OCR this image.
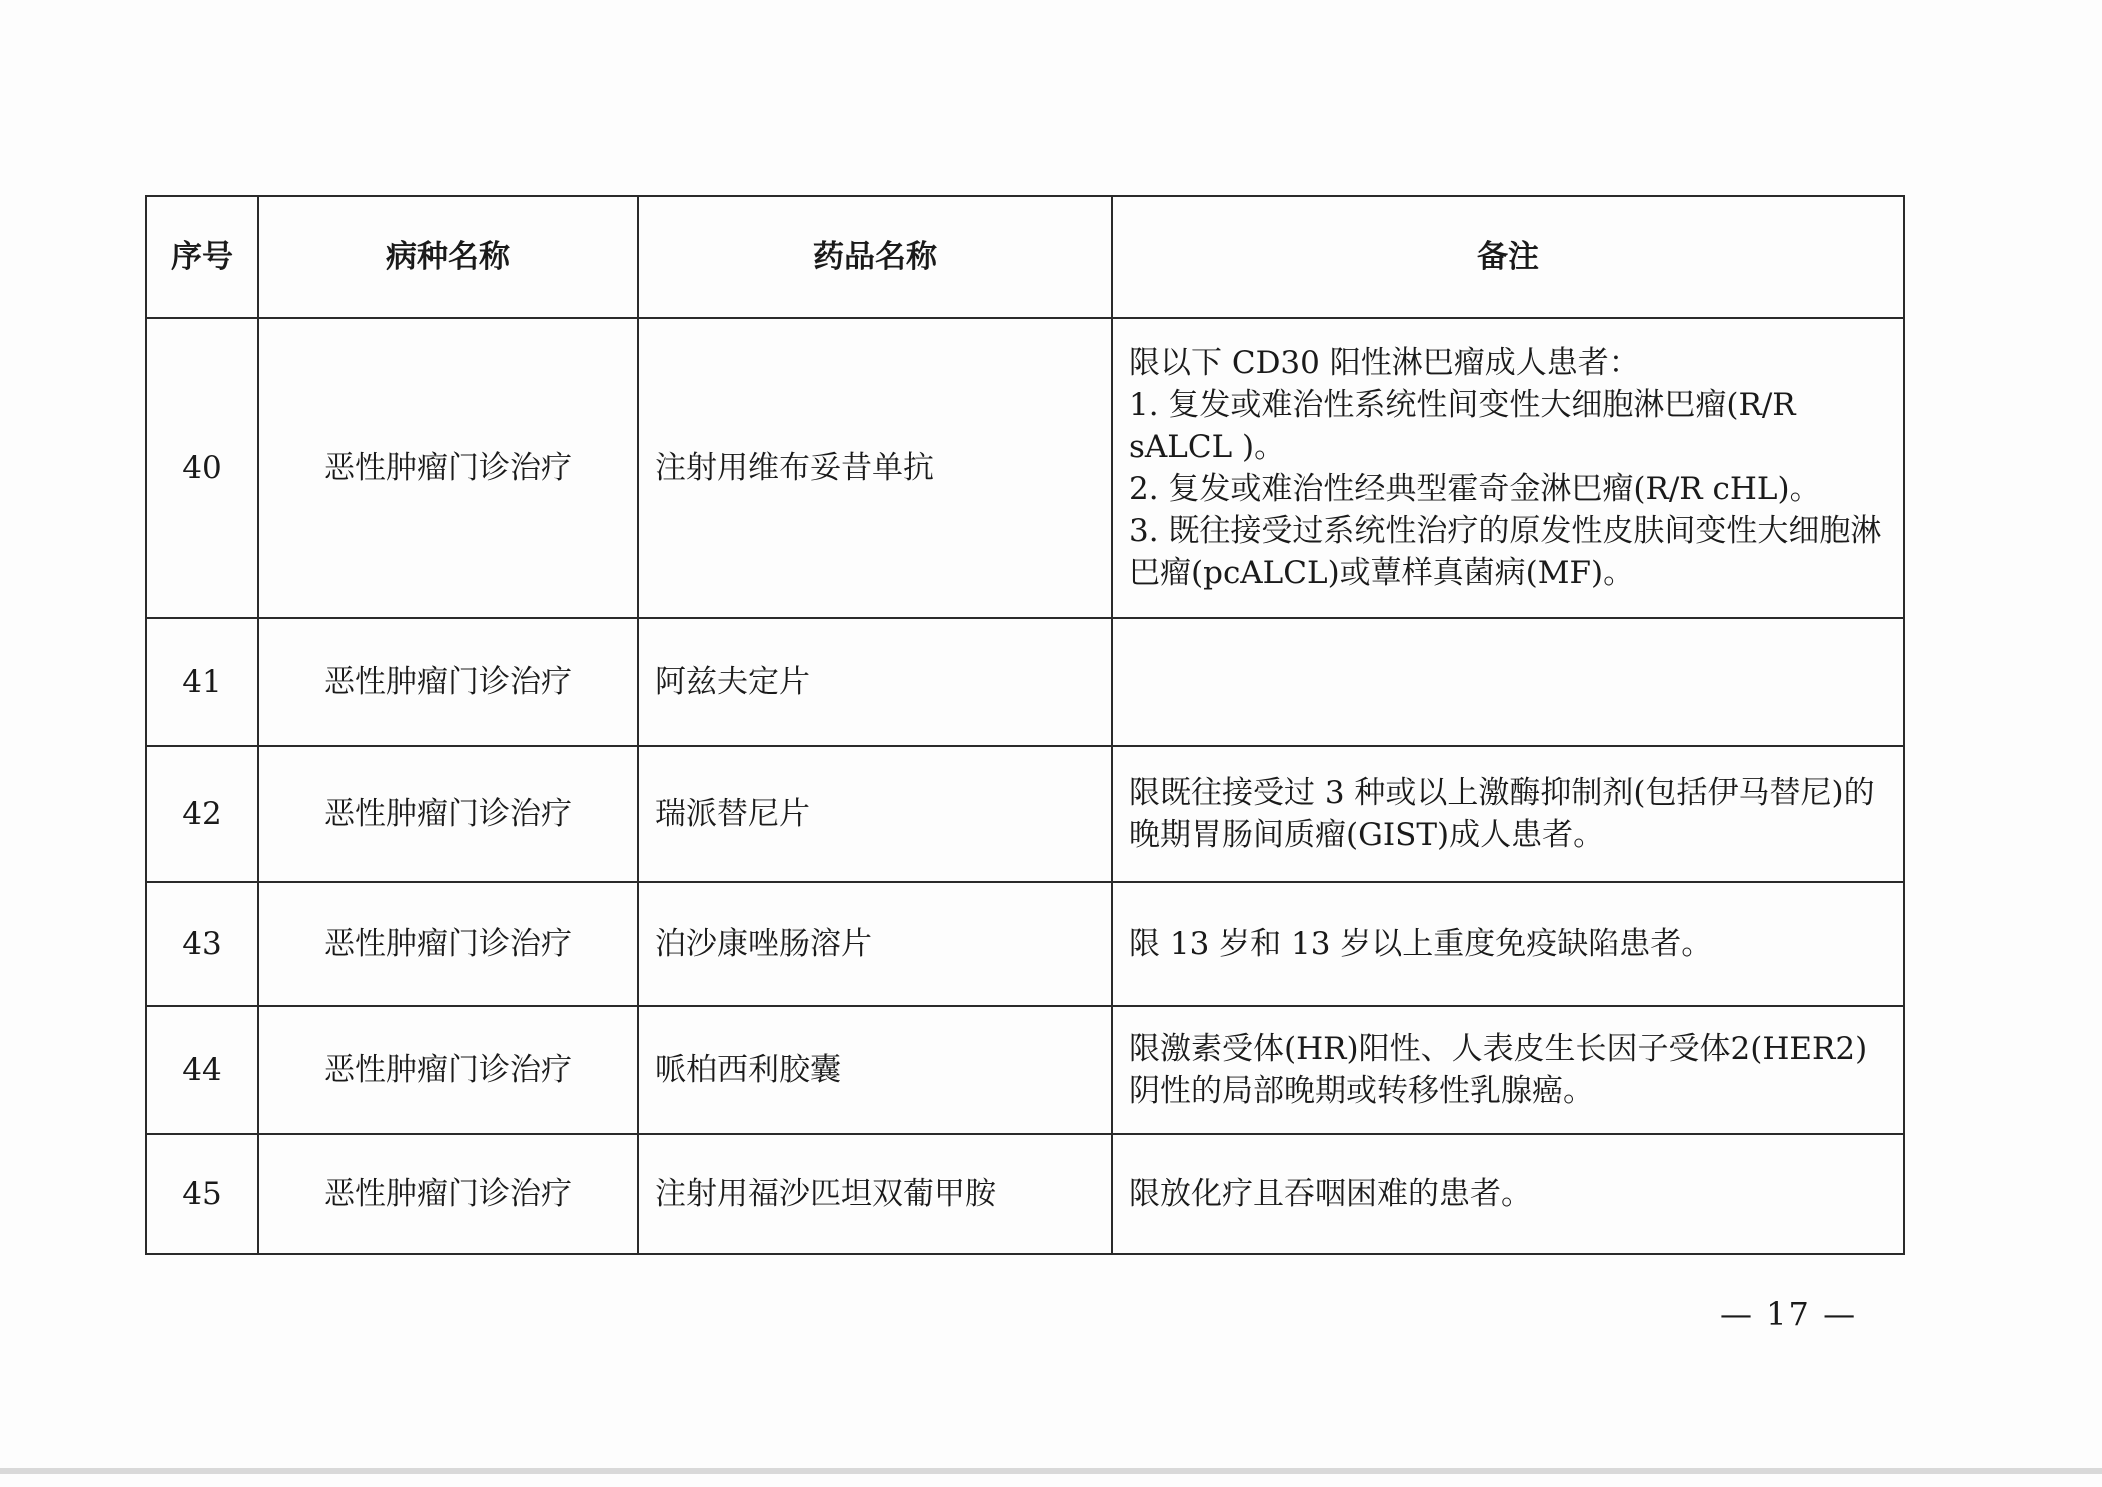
序号	病种名称	药品名称	备注
40	恶性肿瘤门诊治疗	注射用维布妥昔单抗	限以下 CD30 阳性淋巴瘤成人患者：
1. 复发或难治性系统性间变性大细胞淋巴瘤(R/R sALCL )。
2. 复发或难治性经典型霍奇金淋巴瘤(R/R cHL)。
3. 既往接受过系统性治疗的原发性皮肤间变性大细胞淋巴瘤(pcALCL)或蕈样真菌病(MF)。

41	恶性肿瘤门诊治疗	阿兹夫定片	
42	恶性肿瘤门诊治疗	瑞派替尼片	限既往接受过 3 种或以上激酶抑制剂(包括伊马替尼)的晚期胃肠间质瘤(GIST)成人患者。

43	恶性肿瘤门诊治疗	泊沙康唑肠溶片	限 13 岁和 13 岁以上重度免疫缺陷患者。

44	恶性肿瘤门诊治疗	哌柏西利胶囊	限激素受体(HR)阳性、人表皮生长因子受体2(HER2)阴性的局部晚期或转移性乳腺癌。

45	恶性肿瘤门诊治疗	注射用福沙匹坦双葡甲胺	限放化疗且吞咽困难的患者。
— 17 —
